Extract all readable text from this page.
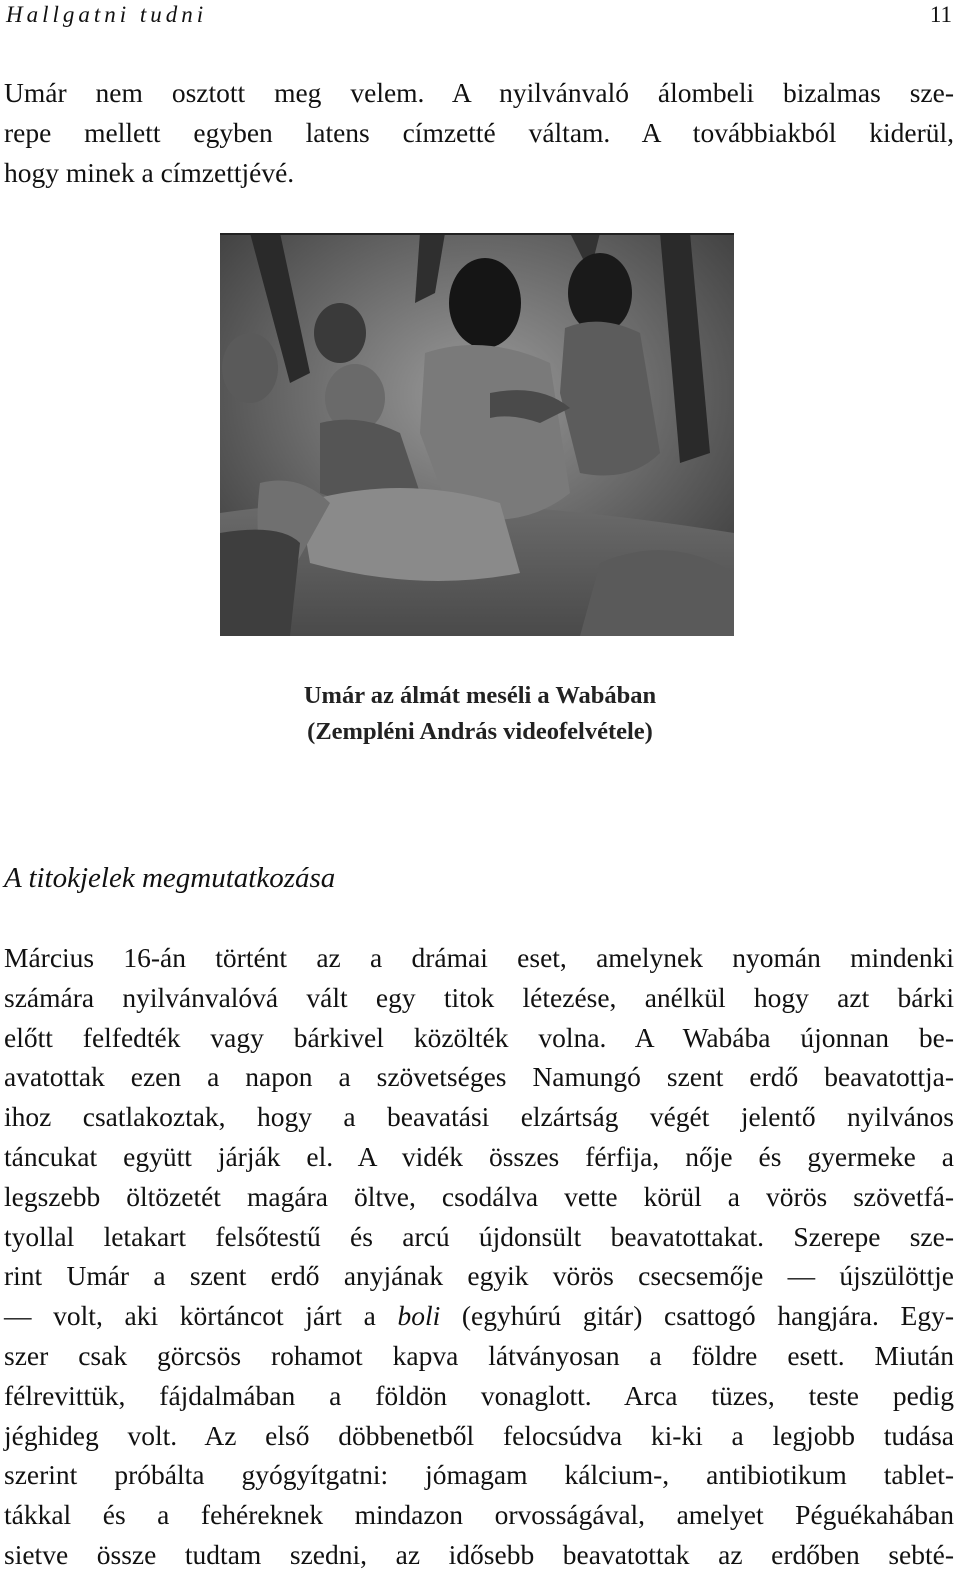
Hallgatni tudni	11
Umár nem osztott meg velem. A nyilvánvaló álombeli bizalmas sze-
repe mellett egyben latens címzetté váltam. A továbbiakból kiderül,
hogy minek a címzettjévé.
Umár az álmát meséli a Wabában
(Zempléni András videofelvétele)
A titokjelek megmutatkozása
Március 16-án történt az a drámai eset, amelynek nyomán mindenki
számára nyilvánvalóvá vált egy titok létezése, anélkül hogy azt bárki
előtt felfedték vagy bárkivel közölték volna. A Wabába újonnan be-
avatottak ezen a napon a szövetséges Namungó szent erdő beavatottja-
ihoz csatlakoztak, hogy a beavatási elzártság végét jelentő nyilvános
táncukat együtt járják el. A vidék összes férfija, nője és gyermeke a
legszebb öltözetét magára öltve, csodálva vette körül a vörös szövetfá-
tyollal letakart felsőtestű és arcú újdonsült beavatottakat. Szerepe sze-
rint Umár a szent erdő anyjának egyik vörös csecsemője — újszülöttje
— volt, aki körtáncot járt a boli (egyhúrú gitár) csattogó hangjára. Egy-
szer csak görcsös rohamot kapva látványosan a földre esett. Miután
félrevittük, fájdalmában a földön vonaglott. Arca tüzes, teste pedig
jéghideg volt. Az első döbbenetből felocsúdva ki-ki a legjobb tudása
szerint próbálta gyógyítgatni: jómagam kálcium-, antibiotikum tablet-
tákkal és a fehéreknek mindazon orvosságával, amelyet Péguékahában
sietve össze tudtam szedni, az idősebb beavatottak az erdőben sebté-
